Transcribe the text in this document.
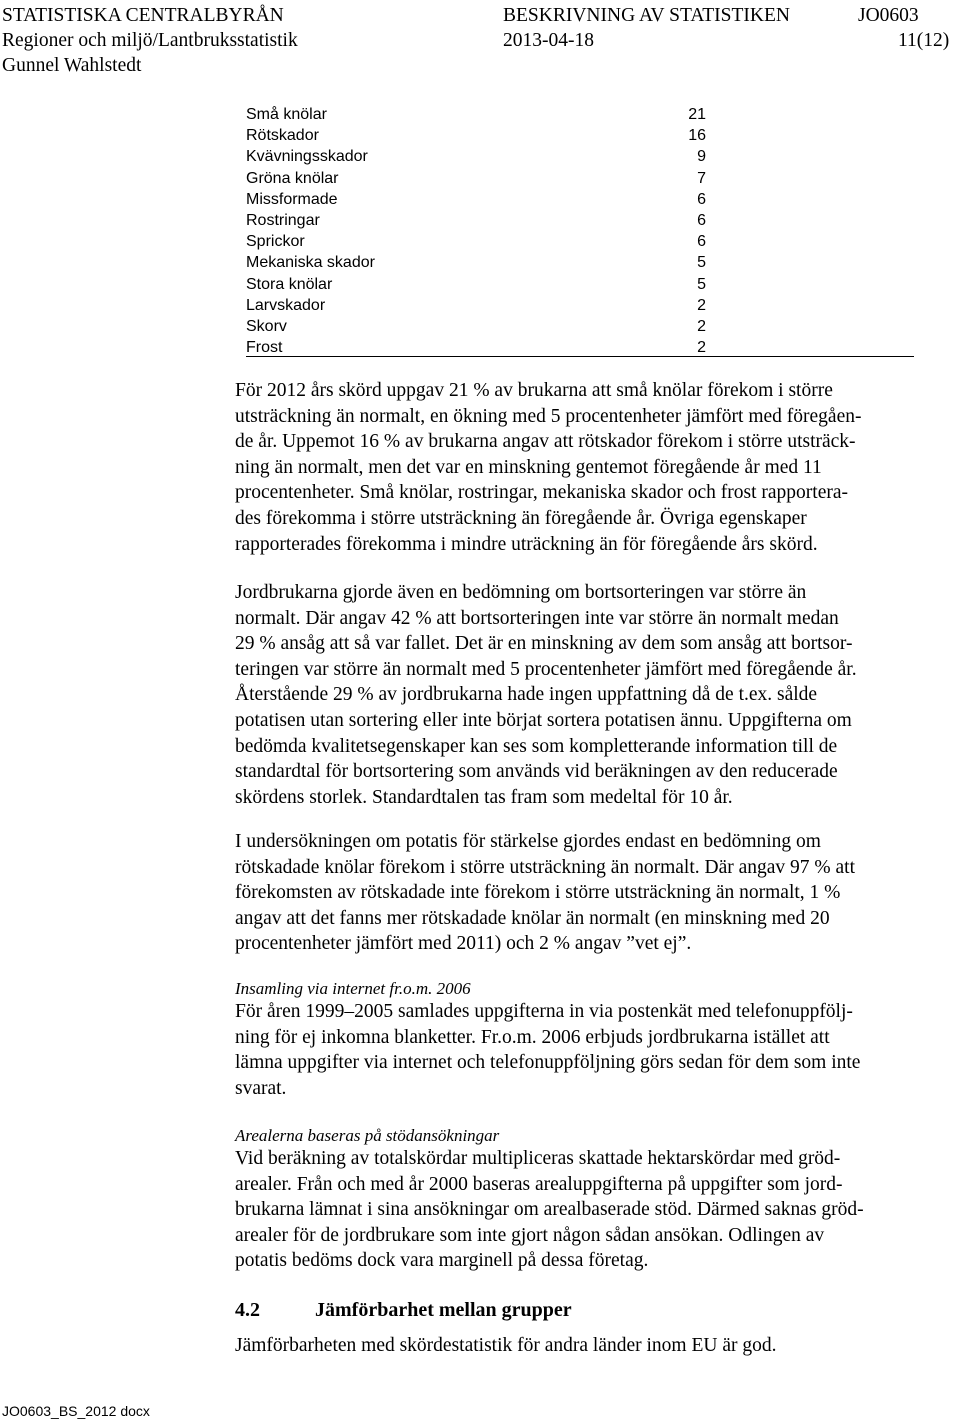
STATISTISKA CENTRALBYRÅN	BESKRIVNING AV STATISTIKEN	JO0603
Regioner och miljö/Lantbruksstatistik	2013-04-18	11(12)
Gunnel Wahlstedt
Små knölar	21
Rötskador	16
Kvävningsskador	9
Gröna knölar	7
Missformade	6
Rostringar	6
Sprickor	6
Mekaniska skador	5
Stora knölar	5
Larvskador	2
Skorv	2
Frost	2
För 2012 års skörd uppgav 21 % av brukarna att små knölar förekom i större
utsträckning än normalt, en ökning med 5 procentenheter jämfört med föregåen-
de år. Uppemot 16 % av brukarna angav att rötskador förekom i större utsträck-
ning än normalt, men det var en minskning gentemot föregående år med 11
procentenheter. Små knölar, rostringar, mekaniska skador och frost rapportera-
des förekomma i större utsträckning än föregående år. Övriga egenskaper
rapporterades förekomma i mindre uträckning än för föregående års skörd.
Jordbrukarna gjorde även en bedömning om bortsorteringen var större än
normalt. Där angav 42 % att bortsorteringen inte var större än normalt medan
29 % ansåg att så var fallet. Det är en minskning av dem som ansåg att bortsor-
teringen var större än normalt med 5 procentenheter jämfört med föregående år.
Återstående 29 % av jordbrukarna hade ingen uppfattning då de t.ex. sålde
potatisen utan sortering eller inte börjat sortera potatisen ännu. Uppgifterna om
bedömda kvalitetsegenskaper kan ses som kompletterande information till de
standardtal för bortsortering som används vid beräkningen av den reducerade
skördens storlek. Standardtalen tas fram som medeltal för 10 år.
I undersökningen om potatis för stärkelse gjordes endast en bedömning om
rötskadade knölar förekom i större utsträckning än normalt. Där angav 97 % att
förekomsten av rötskadade inte förekom i större utsträckning än normalt, 1 %
angav att det fanns mer rötskadade knölar än normalt (en minskning med 20
procentenheter jämfört med 2011) och 2 % angav ”vet ej”.
Insamling via internet fr.o.m. 2006
För åren 1999–2005 samlades uppgifterna in via postenkät med telefonuppfölj-
ning för ej inkomna blanketter. Fr.o.m. 2006 erbjuds jordbrukarna istället att
lämna uppgifter via internet och telefonuppföljning görs sedan för dem som inte
svarat.
Arealerna baseras på stödansökningar
Vid beräkning av totalskördar multipliceras skattade hektarskördar med gröd-
arealer. Från och med år 2000 baseras arealuppgifterna på uppgifter som jord-
brukarna lämnat i sina ansökningar om arealbaserade stöd. Därmed saknas gröd-
arealer för de jordbrukare som inte gjort någon sådan ansökan. Odlingen av
potatis bedöms dock vara marginell på dessa företag.
4.2	Jämförbarhet mellan grupper
Jämförbarheten med skördestatistik för andra länder inom EU är god.
JO0603_BS_2012 docx
